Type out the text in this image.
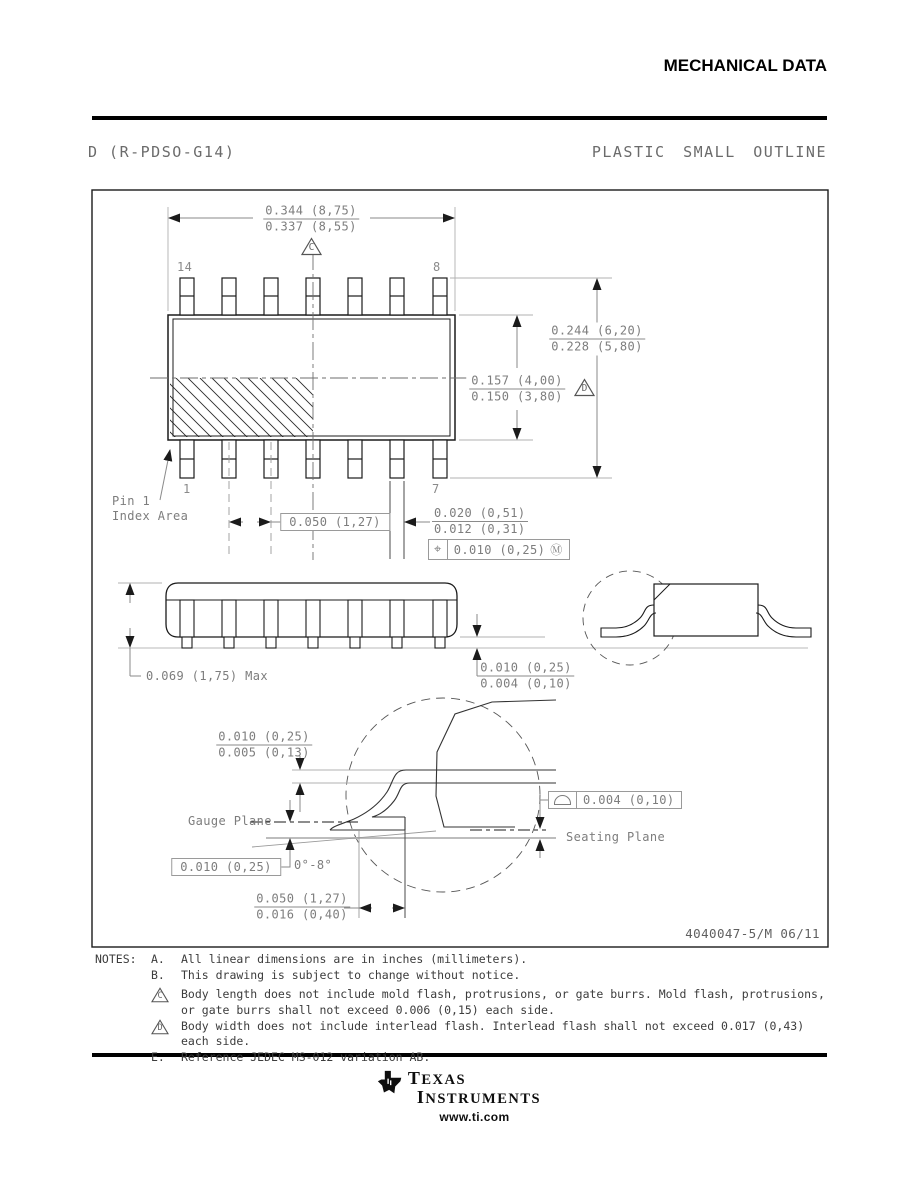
MECHANICAL DATA
D (R-PDSO-G14)	PLASTIC SMALL OUTLINE
0.344 (8,75)
0.337 (8,55)
C

14	8
1	7
0.157 (4,00)
0.150 (3,80)
D
0.244 (6,20)
0.228 (5,80)
0.050 (1,27)
0.020 (0,51)
0.012 (0,31)
⌖	0.010 (0,25) Ⓜ
Pin 1
Index Area
0.069 (1,75) Max
0.010 (0,25)
0.004 (0,10)
0.010 (0,25)
0.005 (0,13)
Gauge Plane
0.010 (0,25)	0°-8°
0.050 (1,27)
0.016 (0,40)
0.004 (0,10)
Seating Plane
4040047-5/M 06/11
NOTES:	A.	All linear dimensions are in inches (millimeters).
B.	This drawing is subject to change without notice.
C	Body length does not include mold flash, protrusions, or gate burrs. Mold flash, protrusions, or gate burrs shall not exceed 0.006 (0,15) each side.
D	Body width does not include interlead flash. Interlead flash shall not exceed 0.017 (0,43) each side.
E.	Reference JEDEC MS-012 variation AB.
TEXAS
INSTRUMENTS
www.ti.com
